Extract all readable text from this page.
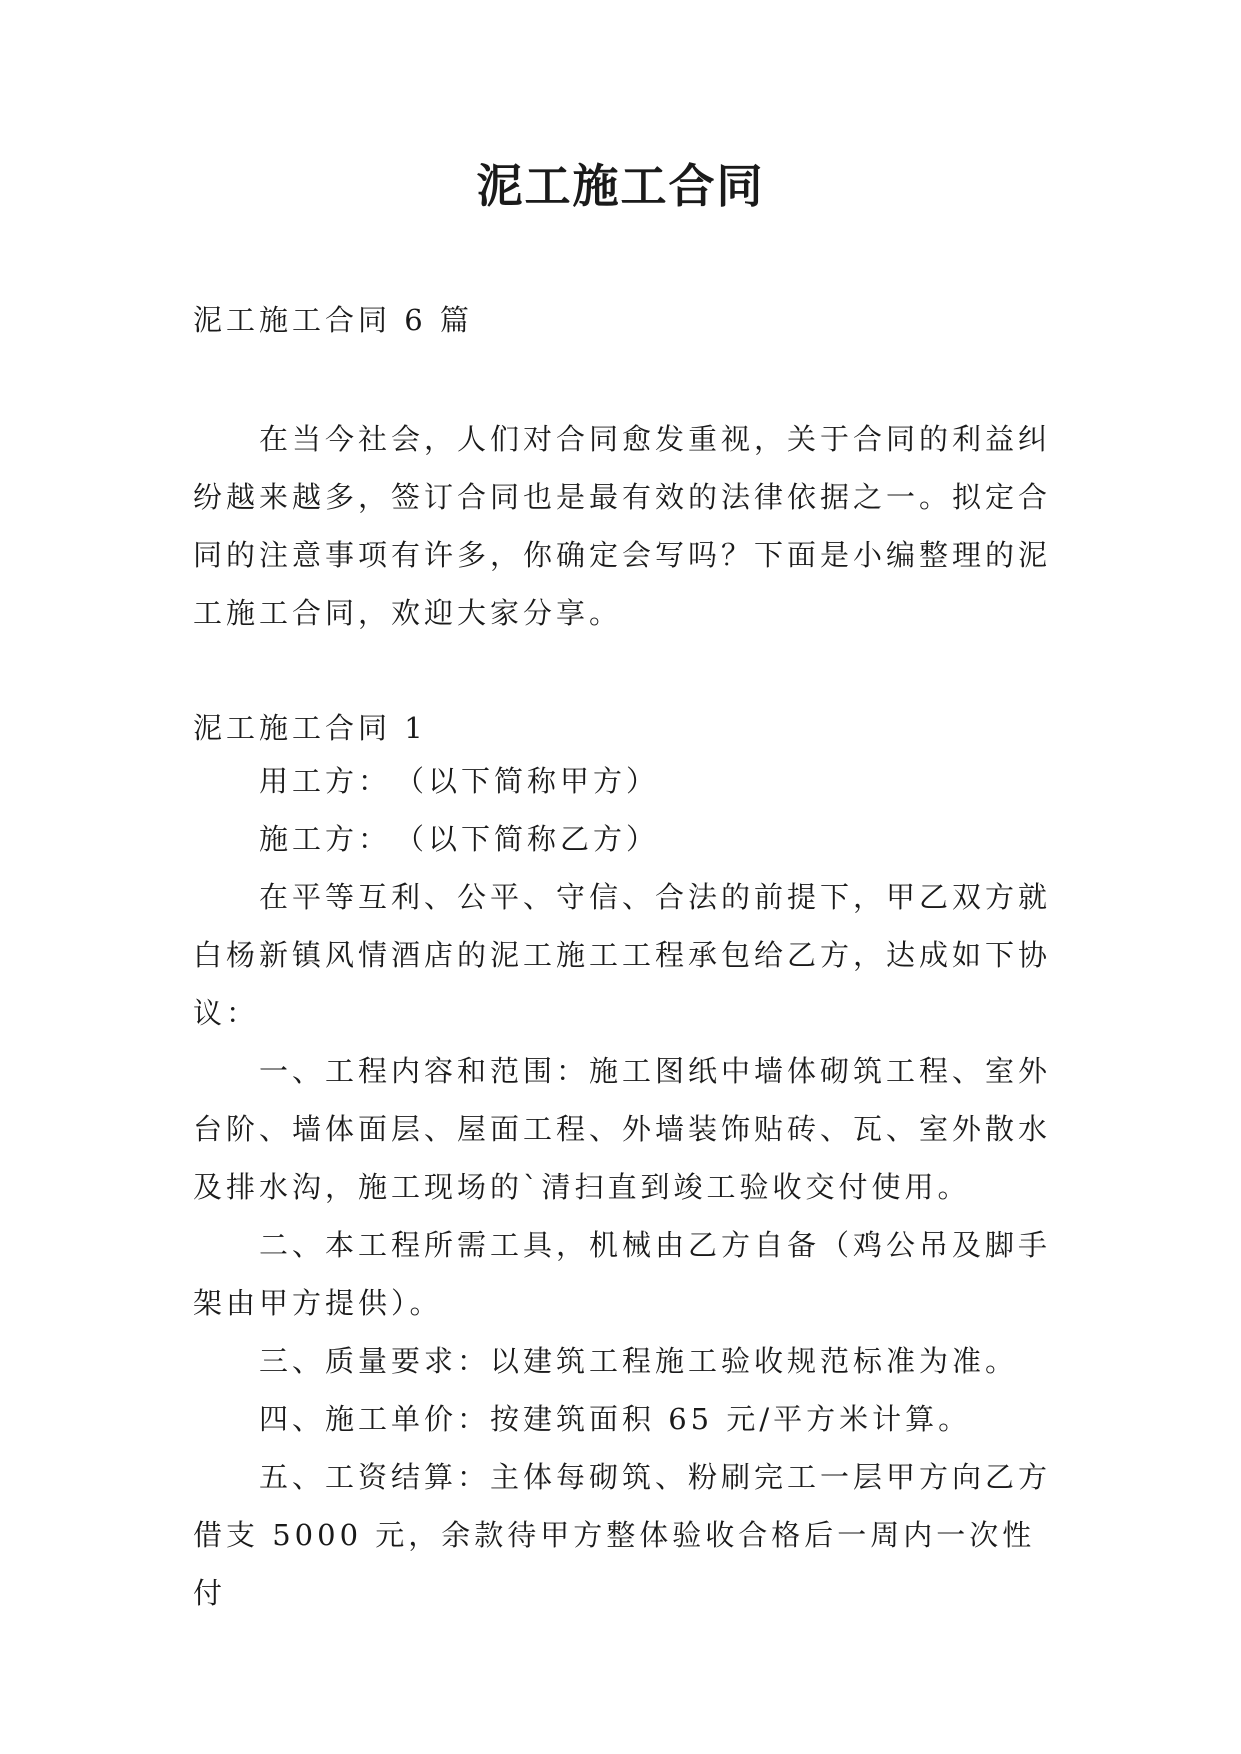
泥工施工合同

泥工施工合同 6 篇

在当今社会，人们对合同愈发重视，关于合同的利益纠纷越来越多，签订合同也是最有效的法律依据之一。拟定合同的注意事项有许多，你确定会写吗？下面是小编整理的泥工施工合同，欢迎大家分享。

泥工施工合同 1

用工方：　（以下简称甲方）

施工方：　（以下简称乙方）

在平等互利、公平、守信、合法的前提下，甲乙双方就白杨新镇风情酒店的泥工施工工程承包给乙方，达成如下协议：

一、工程内容和范围：施工图纸中墙体砌筑工程、室外台阶、墙体面层、屋面工程、外墙装饰贴砖、瓦、室外散水及排水沟，施工现场的`清扫直到竣工验收交付使用。

二、本工程所需工具，机械由乙方自备（鸡公吊及脚手架由甲方提供）。

三、质量要求：以建筑工程施工验收规范标准为准。

四、施工单价：按建筑面积 65 元/平方米计算。

五、工资结算：主体每砌筑、粉刷完工一层甲方向乙方借支 5000 元，余款待甲方整体验收合格后一周内一次性付
